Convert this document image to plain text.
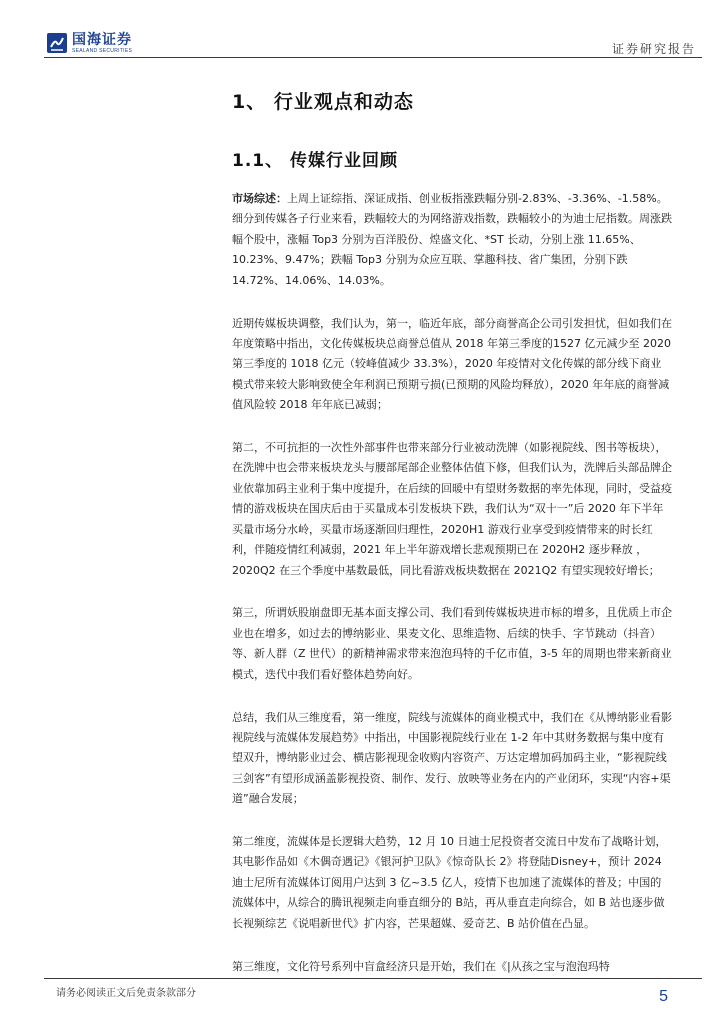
国海证券
SEALAND SECURITIES	证券研究报告
1、 行业观点和动态
1.1、 传媒行业回顾

市场综述：上周上证综指、深证成指、创业板指涨跌幅分别-2.83%、-3.36%、-1.58%。细分到传媒各子行业来看，跌幅较大的为网络游戏指数，跌幅较小的为迪士尼指数。周涨跌幅个股中，涨幅 Top3 分别为百洋股份、煌盛文化、*ST 长动，分别上涨 11.65%、10.23%、9.47%；跌幅 Top3 分别为众应互联、掌趣科技、省广集团，分别下跌 14.72%、14.06%、14.03%。

近期传媒板块调整，我们认为，第一，临近年底，部分商誉高企公司引发担忧，但如我们在年度策略中指出，文化传媒板块总商誉总值从 2018 年第三季度的1527 亿元减少至 2020 第三季度的 1018 亿元（较峰值减少 33.3%），2020 年疫情对文化传媒的部分线下商业模式带来较大影响致使全年利润已预期亏损(已预期的风险均释放），2020 年年底的商誉减值风险较 2018 年年底已减弱；

第二，不可抗拒的一次性外部事件也带来部分行业被动洗牌（如影视院线、图书等板块），在洗牌中也会带来板块龙头与腰部尾部企业整体估值下修，但我们认为，洗牌后头部品牌企业依靠加码主业利于集中度提升，在后续的回暖中有望财务数据的率先体现，同时，受益疫情的游戏板块在国庆后由于买量成本引发板块下跌，我们认为“双十一”后 2020 年下半年买量市场分水岭，买量市场逐渐回归理性，2020H1 游戏行业享受到疫情带来的时长红利，伴随疫情红利减弱，2021 年上半年游戏增长悲观预期已在 2020H2 逐步释放 ， 2020Q2 在三个季度中基数最低，同比看游戏板块数据在 2021Q2 有望实现较好增长；

第三，所谓妖股崩盘即无基本面支撑公司、我们看到传媒板块进市标的增多，且优质上市企业也在增多，如过去的博纳影业、果麦文化、思维造物、后续的快手、字节跳动（抖音）等、新人群（Z 世代）的新精神需求带来泡泡玛特的千亿市值，3-5 年的周期也带来新商业模式，迭代中我们看好整体趋势向好。

总结，我们从三维度看，第一维度，院线与流媒体的商业模式中，我们在《从博纳影业看影视院线与流媒体发展趋势》中指出，中国影视院线行业在 1-2 年中其财务数据与集中度有望双升，博纳影业过会、横店影视现金收购内容资产、万达定增加码加码主业，“影视院线三剑客”有望形成涵盖影视投资、制作、发行、放映等业务在内的产业闭环，实现“内容+渠道”融合发展；

第二维度，流媒体是长逻辑大趋势，12 月 10 日迪士尼投资者交流日中发布了战略计划，其电影作品如《木偶奇遇记》《银河护卫队》《惊奇队长 2》将登陆Disney+，预计 2024 迪士尼所有流媒体订阅用户达到 3 亿~3.5 亿人，疫情下也加速了流媒体的普及；中国的流媒体中，从综合的腾讯视频走向垂直细分的 B站，再从垂直走向综合，如 B 站也逐步做长视频综艺《说唱新世代》扩内容，芒果超媒、爱奇艺、B 站价值在凸显。

第三维度，文化符号系列中盲盒经济只是开始，我们在《|从孩之宝与泡泡玛特

请务必阅读正文后免责条款部分	5
